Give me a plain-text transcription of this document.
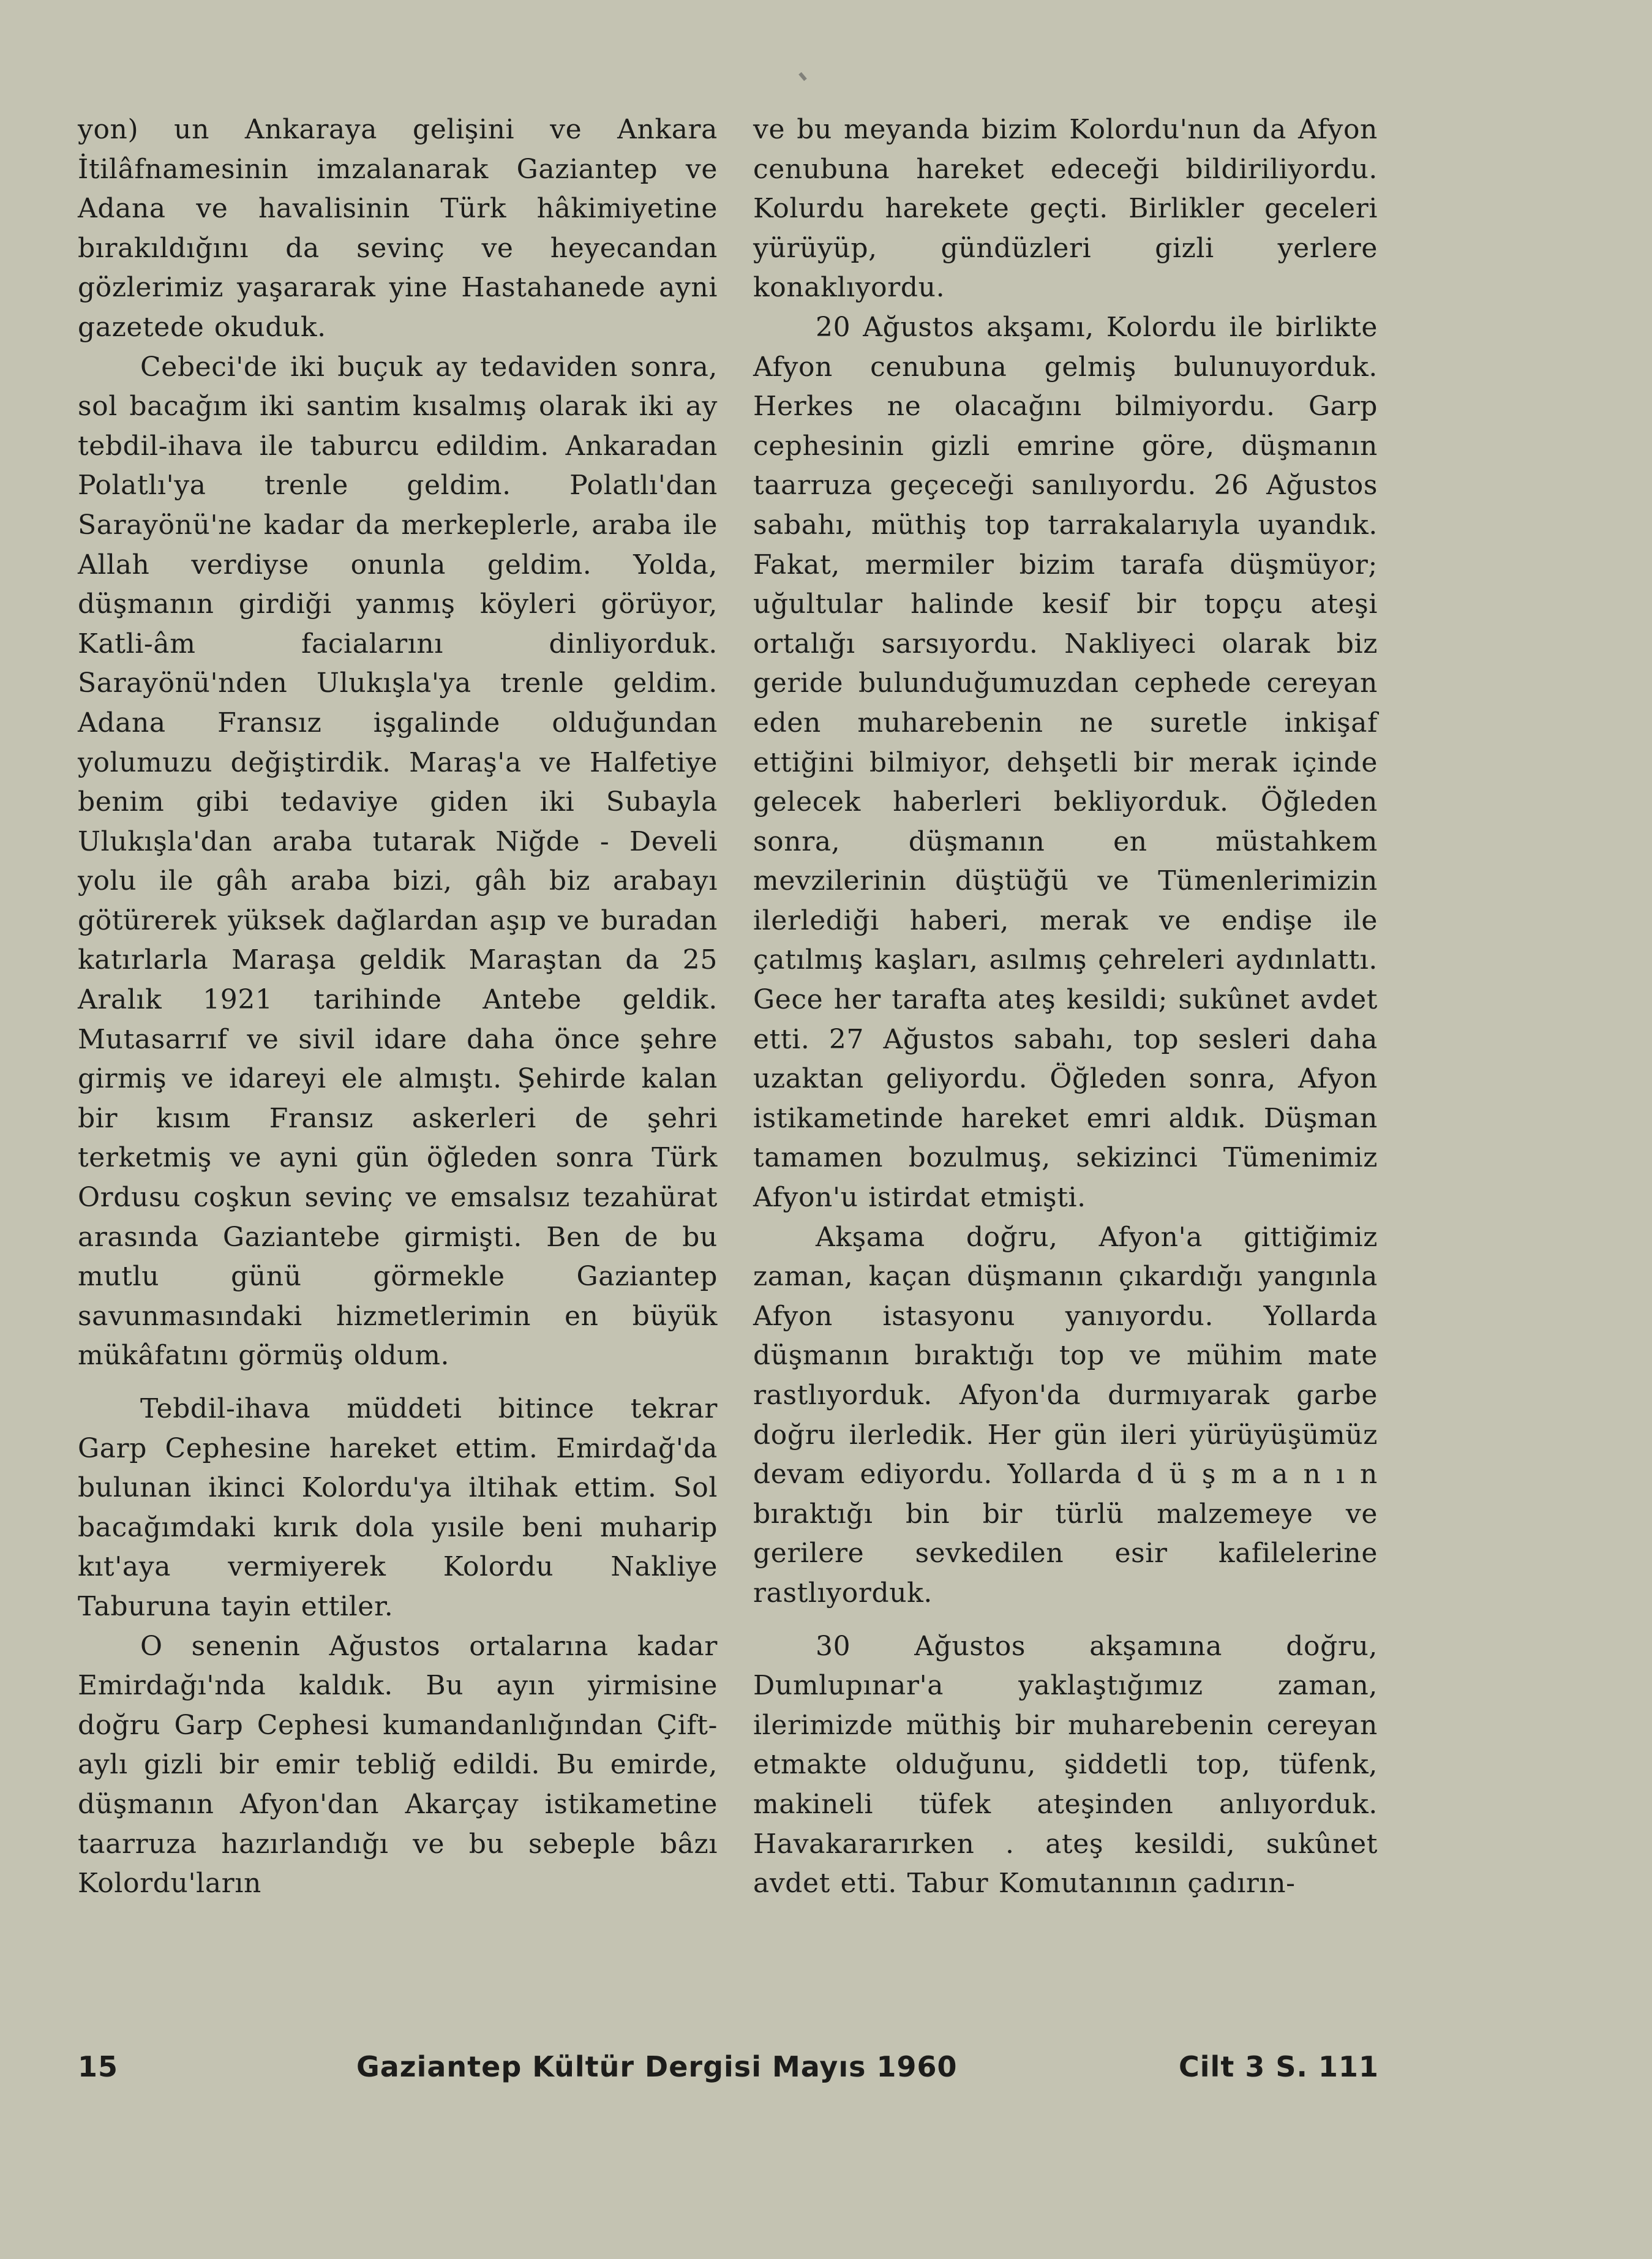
yon) un Ankaraya gelişini ve Ankara İtilâfnamesinin imzalanarak Gaziantep ve Adana ve havalisinin Türk hâkimiyetine bırakıldığını da sevinç ve heyecandan gözlerimiz yaşararak yine Hastahanede ayni gazetede okuduk.

Cebeci'de iki buçuk ay tedaviden sonra, sol bacağım iki santim kısalmış olarak iki ay tebdil-ihava ile taburcu edildim. Ankaradan Polatlı'ya trenle geldim. Polatlı'dan Sarayönü'ne kadar da merkeplerle, araba ile Allah verdiyse onunla geldim. Yolda, düşmanın girdiği yanmış köyleri görüyor, Katli-âm facialarını dinliyorduk. Sarayönü'nden Ulukışla'ya trenle geldim. Adana Fransız işgalinde olduğundan yolumuzu değiştirdik. Maraş'a ve Halfetiye benim gibi tedaviye giden iki Subayla Ulukışla'dan araba tutarak Niğde - Develi yolu ile gâh araba bizi, gâh biz arabayı götürerek yüksek dağlardan aşıp ve buradan katırlarla Maraşa geldik Maraştan da 25 Aralık 1921 tarihinde Antebe geldik. Mutasarrıf ve sivil idare daha önce şehre girmiş ve idareyi ele almıştı. Şehirde kalan bir kısım Fransız askerleri de şehri terketmiş ve ayni gün öğleden sonra Türk Ordusu coşkun sevinç ve emsalsız tezahürat arasında Gaziantebe girmişti. Ben de bu mutlu günü görmekle Gaziantep savunmasındaki hizmetlerimin en büyük mükâfatını görmüş oldum.

Tebdil-ihava müddeti bitince tekrar Garp Cephesine hareket ettim. Emirdağ'da bulunan ikinci Kolordu'ya iltihak ettim. Sol bacağımdaki kırık dola yısile beni muharip kıt'aya vermiyerek Kolordu Nakliye Taburuna tayin ettiler.

O senenin Ağustos ortalarına kadar Emirdağı'nda kaldık. Bu ayın yirmisine doğru Garp Cephesi kumandanlığından Çift-aylı gizli bir emir tebliğ edildi. Bu emirde, düşmanın Afyon'dan Akarçay istikametine taarruza hazırlandığı ve bu sebeple bâzı Kolordu'ların

ve bu meyanda bizim Kolordu'nun da Afyon cenubuna hareket edeceği bildiriliyordu. Kolurdu harekete geçti. Birlikler geceleri yürüyüp, gündüzleri gizli yerlere konaklıyordu.

20 Ağustos akşamı, Kolordu ile birlikte Afyon cenubuna gelmiş bulunuyorduk. Herkes ne olacağını bilmiyordu. Garp cephesinin gizli emrine göre, düşmanın taarruza geçeceği sanılıyordu. 26 Ağustos sabahı, müthiş top tarrakalarıyla uyandık. Fakat, mermiler bizim tarafa düşmüyor; uğultular halinde kesif bir topçu ateşi ortalığı sarsıyordu. Nakliyeci olarak biz geride bulunduğumuzdan cephede cereyan eden muharebenin ne suretle inkişaf ettiğini bilmiyor, dehşetli bir merak içinde gelecek haberleri bekliyorduk. Öğleden sonra, düşmanın en müstahkem mevzilerinin düştüğü ve Tümenlerimizin ilerlediği haberi, merak ve endişe ile çatılmış kaşları, asılmış çehreleri aydınlattı. Gece her tarafta ateş kesildi; sukûnet avdet etti. 27 Ağustos sabahı, top sesleri daha uzaktan geliyordu. Öğleden sonra, Afyon istikametinde hareket emri aldık. Düşman tamamen bozulmuş, sekizinci Tümenimiz Afyon'u istirdat etmişti.

Akşama doğru, Afyon'a gittiğimiz zaman, kaçan düşmanın çıkardığı yangınla Afyon istasyonu yanıyordu. Yollarda düşmanın bıraktığı top ve mühim mate rastlıyorduk. Afyon'da durmıyarak garbe doğru ilerledik. Her gün ileri yürüyüşümüz devam ediyordu. Yollarda d ü ş m a n ı n bıraktığı bin bir türlü malzemeye ve gerilere sevkedilen esir kafilelerine rastlıyorduk.

30 Ağustos akşamına doğru, Dumlupınar'a yaklaştığımız zaman, ilerimizde müthiş bir muharebenin cereyan etmakte olduğunu, şiddetli top, tüfenk, makineli tüfek ateşinden anlıyorduk. Havakararırken . ateş kesildi, sukûnet avdet etti. Tabur Komutanının çadırın-

15	Gaziantep Kültür Dergisi Mayıs 1960	Cilt 3 S. 111
